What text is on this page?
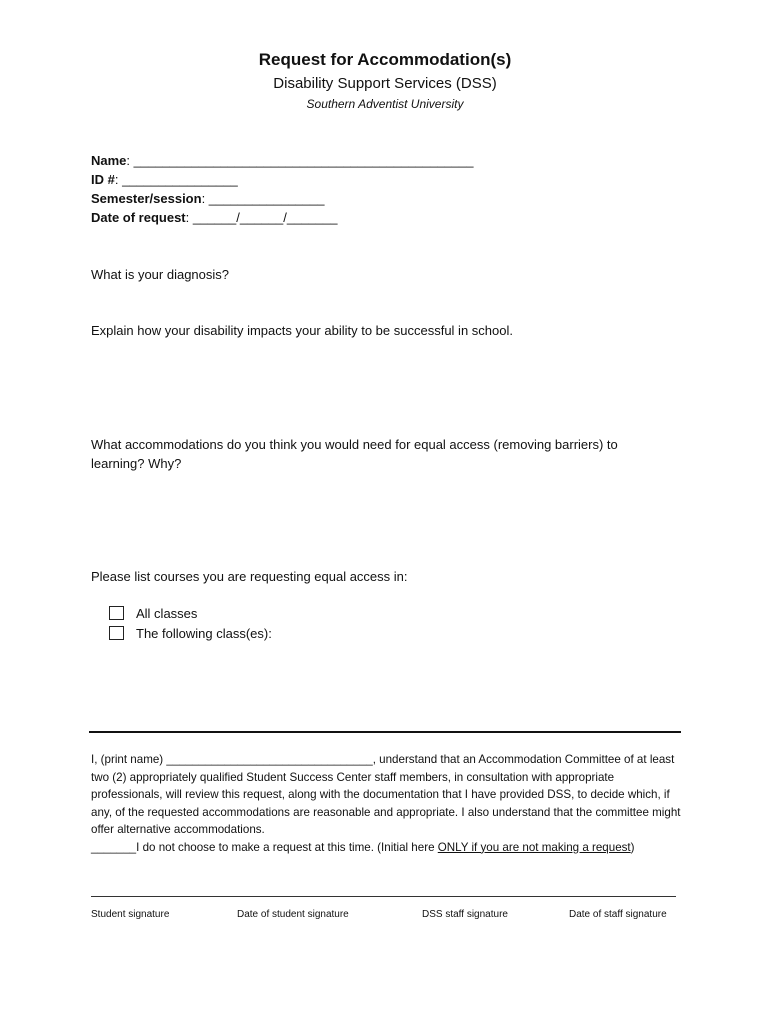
Request for Accommodation(s)
Disability Support Services (DSS)
Southern Adventist University
Name: _______________________________________________
ID #: ________________
Semester/session: ________________
Date of request: ______/______/_______
What is your diagnosis?
Explain how your disability impacts your ability to be successful in school.
What accommodations do you think you would need for equal access (removing barriers) to
learning? Why?
Please list courses you are requesting equal access in:
All classes
The following class(es):
I, (print name) ________________________________, understand that an Accommodation Committee of at least two (2) appropriately qualified Student Success Center staff members, in consultation with appropriate professionals, will review this request, along with the documentation that I have provided DSS, to decide which, if any, of the requested accommodations are reasonable and appropriate. I also understand that the committee might offer alternative accommodations.
_______I do not choose to make a request at this time. (Initial here ONLY if you are not making a request)
Student signature	Date of student signature	DSS staff signature	Date of staff signature
